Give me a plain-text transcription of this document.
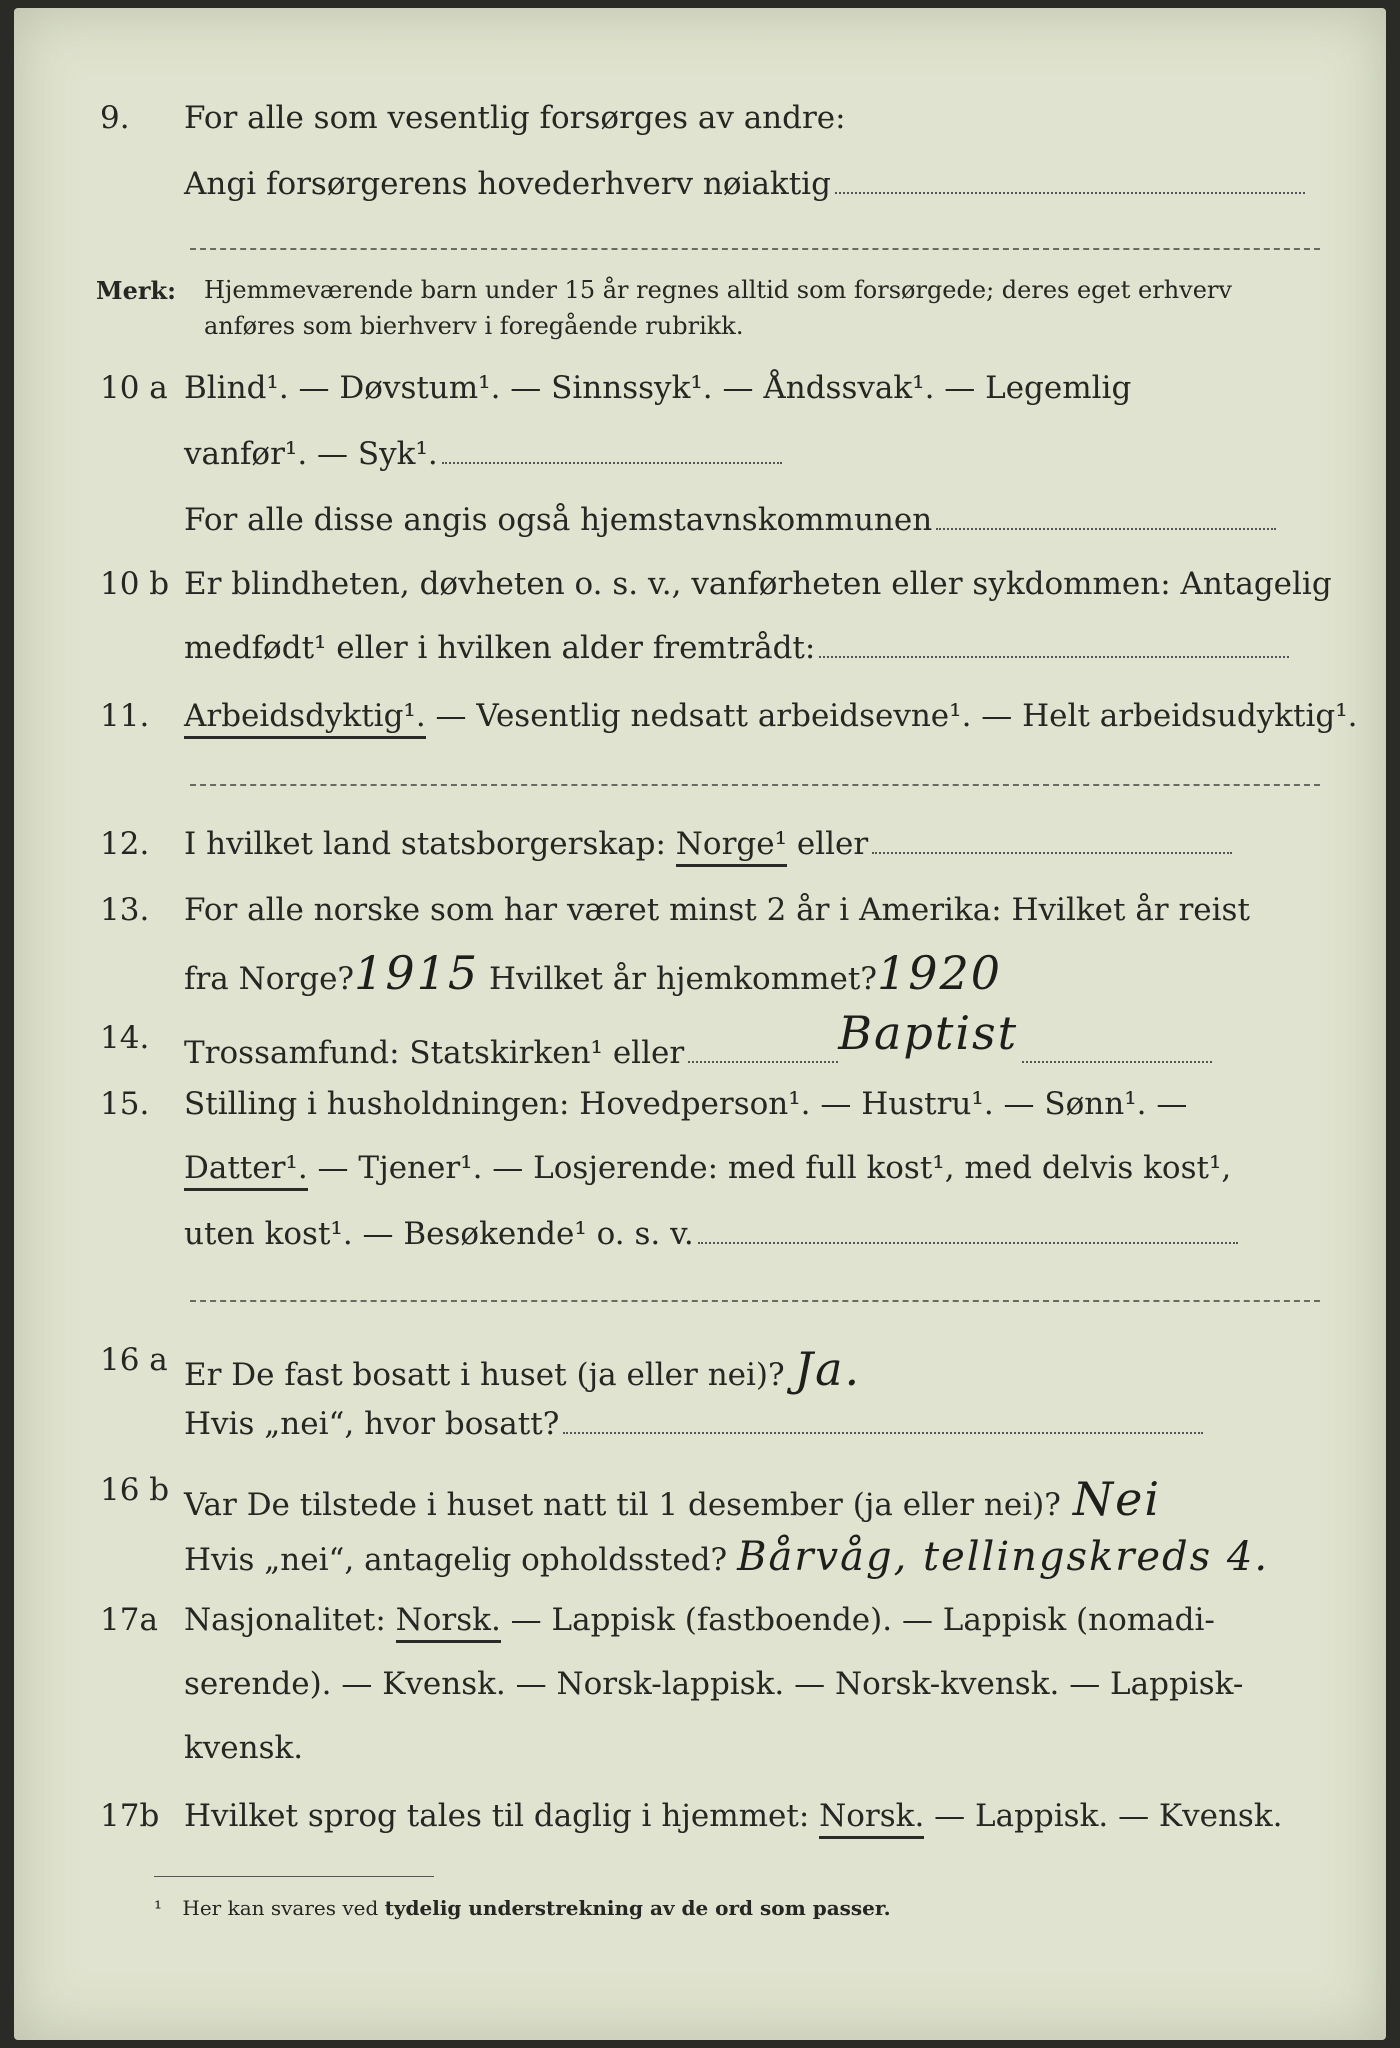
9. For alle som vesentlig forsørges av andre:
Angi forsørgerens hovederhverv nøiaktig
Merk: Hjemmeværende barn under 15 år regnes alltid som forsørgede; deres eget erhverv
anføres som bierhverv i foregående rubrikk.
10 a Blind¹. — Døvstum¹. — Sinnssyk¹. — Åndssvak¹. — Legemlig
vanfør¹. — Syk¹.
For alle disse angis også hjemstavnskommunen
10 b Er blindheten, døvheten o. s. v., vanførheten eller sykdommen: Antagelig
medfødt¹ eller i hvilken alder fremtrådt:
11. Arbeidsdyktig¹. — Vesentlig nedsatt arbeidsevne¹. — Helt arbeidsudyktig¹.
12. I hvilket land statsborgerskap: Norge¹ eller
13. For alle norske som har været minst 2 år i Amerika: Hvilket år reist
fra Norge?1915 Hvilket år hjemkommet?1920
14. Trossamfund: Statskirken¹ eller	Baptist
15. Stilling i husholdningen: Hovedperson¹. — Hustru¹. — Sønn¹. —
Datter¹. — Tjener¹. — Losjerende: med full kost¹, med delvis kost¹,
uten kost¹. — Besøkende¹ o. s. v.
16 a Er De fast bosatt i huset (ja eller nei)? Ja.
Hvis „nei“, hvor bosatt?
16 b Var De tilstede i huset natt til 1 desember (ja eller nei)? Nei
Hvis „nei“, antagelig opholdssted? Bårvåg, tellingskreds 4.
17a Nasjonalitet: Norsk. — Lappisk (fastboende). — Lappisk (nomadi-
serende). — Kvensk. — Norsk-lappisk. — Norsk-kvensk. — Lappisk-
kvensk.
17b Hvilket sprog tales til daglig i hjemmet: Norsk. — Lappisk. — Kvensk.
¹ Her kan svares ved tydelig understrekning av de ord som passer.
